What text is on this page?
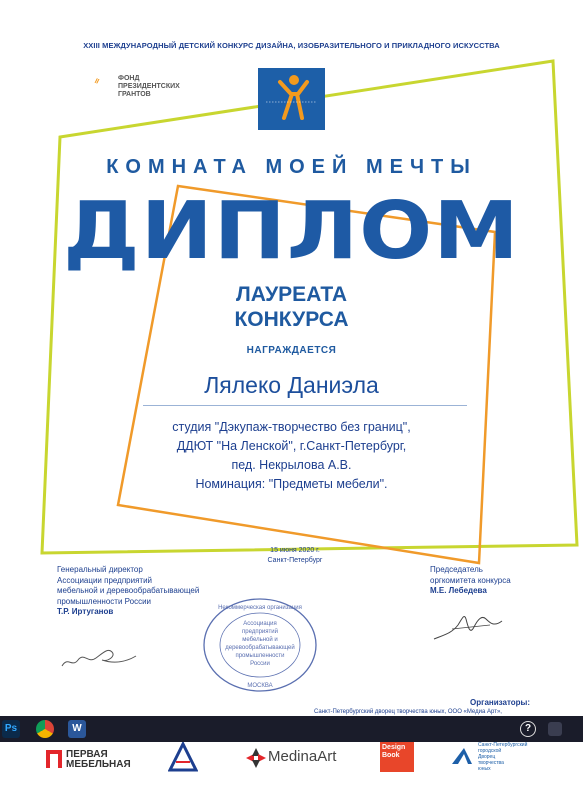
XXIII МЕЖДУНАРОДНЫЙ ДЕТСКИЙ КОНКУРС ДИЗАЙНА, ИЗОБРАЗИТЕЛЬНОГО И ПРИКЛАДНОГО ИСКУССТВА
ФОНД
ПРЕЗИДЕНТСКИХ
ГРАНТОВ
КОМНАТА МОЕЙ МЕЧТЫ
ДИПЛОМ
ЛАУРЕАТА
КОНКУРСА
НАГРАЖДАЕТСЯ
Лялеко Даниэла
студия "Дэкупаж-творчество без границ",
ДДЮТ "На Ленской", г.Санкт-Петербург,
пед. Некрылова А.В.
Номинация: "Предметы мебели".
15 июня 2020 г.
Санкт-Петербург
Генеральный директор
Ассоциации предприятий
мебельной и деревообрабатывающей
промышленности России
Т.Р. Иртуганов
Председатель
оргкомитета конкурса
М.Е. Лебедева
Некоммерческая организация
Ассоциация
предприятий
мебельной и
деревообрабатывающей
промышленности
России
МОСКВА
Организаторы:
Санкт-Петербургский дворец творчества юных, ООО «Медиа Арт»,
Ps	W	?
ПЕРВАЯ
МЕБЕЛЬНАЯ	MedinaArt
Design Book
Санкт-Петербургский
городской
Дворец
творчества
юных
